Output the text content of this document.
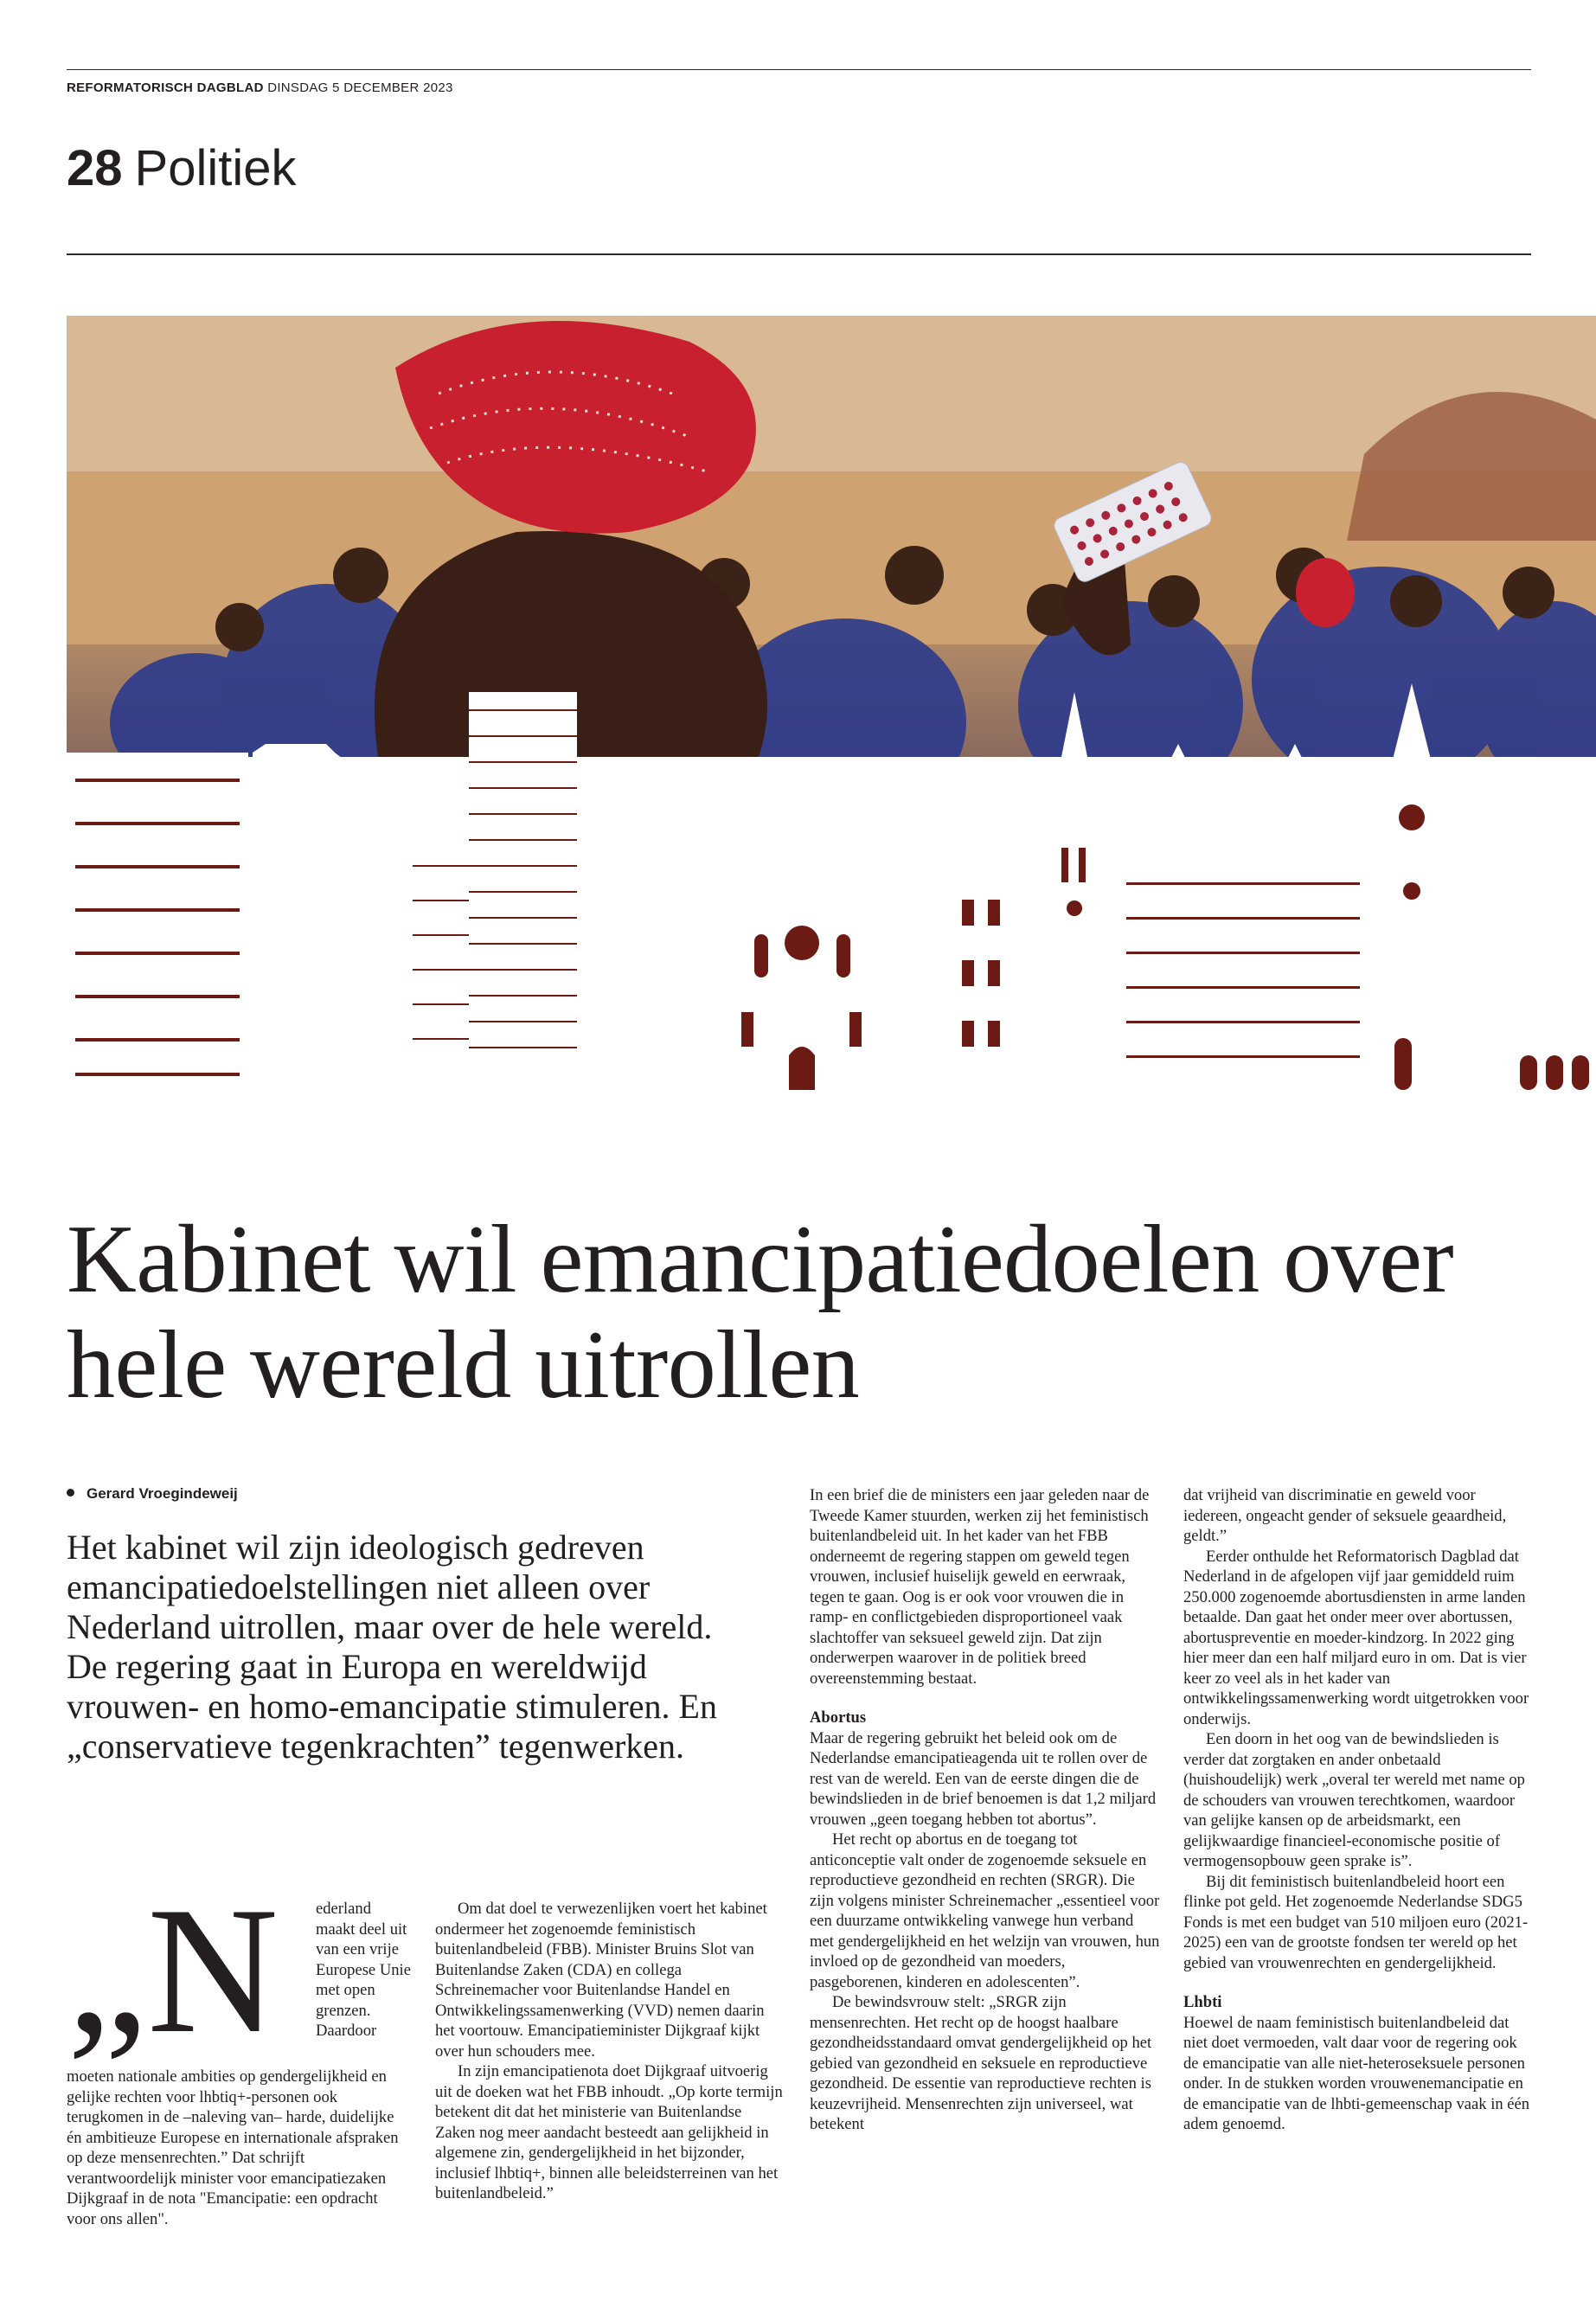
REFORMATORISCH DAGBLAD DINSDAG 5 DECEMBER 2023
28 Politiek
Kabinet wil emancipatiedoelen over hele wereld uitrollen
Gerard Vroegindeweij

Het kabinet wil zijn ideologisch gedreven emancipatiedoelstellingen niet alleen over Nederland uitrollen, maar over de hele wereld. De regering gaat in Europa en wereldwijd vrouwen- en homo-emancipatie stimuleren. En „conservatieve tegenkrachten” tegenwerken.

„N ederland maakt deel uit van een vrije Europese Unie met open grenzen. Daardoor

moeten nationale ambities op gendergelijkheid en gelijke rechten voor lhbtiq+-personen ook terugkomen in de –naleving van– harde, duidelijke én ambitieuze Europese en internationale afspraken op deze mensenrechten.” Dat schrijft verantwoordelijk minister voor emancipatiezaken Dijkgraaf in de nota "Emancipatie: een opdracht voor ons allen".

Om dat doel te verwezenlijken voert het kabinet ondermeer het zogenoemde feministisch buitenlandbeleid (FBB). Minister Bruins Slot van Buitenlandse Zaken (CDA) en collega Schreinemacher voor Buitenlandse Handel en Ontwikkelingssamenwerking (VVD) nemen daarin het voortouw. Emancipatieminister Dijkgraaf kijkt over hun schouders mee.

In zijn emancipatienota doet Dijkgraaf uitvoerig uit de doeken wat het FBB inhoudt. „Op korte termijn betekent dit dat het ministerie van Buitenlandse Zaken nog meer aandacht besteedt aan gelijkheid in algemene zin, gendergelijkheid in het bijzonder, inclusief lhbtiq+, binnen alle beleidsterreinen van het buitenlandbeleid.”

In een brief die de ministers een jaar geleden naar de Tweede Kamer stuurden, werken zij het feministisch buitenlandbeleid uit. In het kader van het FBB onderneemt de regering stappen om geweld tegen vrouwen, inclusief huiselijk geweld en eerwraak, tegen te gaan. Oog is er ook voor vrouwen die in ramp- en conflictgebieden disproportioneel vaak slachtoffer van seksueel geweld zijn. Dat zijn onderwerpen waarover in de politiek breed overeenstemming bestaat.

Abortus

Maar de regering gebruikt het beleid ook om de Nederlandse emancipatieagenda uit te rollen over de rest van de wereld. Een van de eerste dingen die de bewindslieden in de brief benoemen is dat 1,2 miljard vrouwen „geen toegang hebben tot abortus”.

Het recht op abortus en de toegang tot anticonceptie valt onder de zogenoemde seksuele en reproductieve gezondheid en rechten (SRGR). Die zijn volgens minister Schreinemacher „essentieel voor een duurzame ontwikkeling vanwege hun verband met gendergelijkheid en het welzijn van vrouwen, hun invloed op de gezondheid van moeders, pasgeborenen, kinderen en adolescenten”.

De bewindsvrouw stelt: „SRGR zijn mensenrechten. Het recht op de hoogst haalbare gezondheidsstandaard omvat gendergelijkheid op het gebied van gezondheid en seksuele en reproductieve gezondheid. De essentie van reproductieve rechten is keuzevrijheid. Mensenrechten zijn universeel, wat betekent

dat vrijheid van discriminatie en geweld voor iedereen, ongeacht gender of seksuele geaardheid, geldt.”

Eerder onthulde het Reformatorisch Dagblad dat Nederland in de afgelopen vijf jaar gemiddeld ruim 250.000 zogenoemde abortusdiensten in arme landen betaalde. Dan gaat het onder meer over abortussen, abortuspreventie en moeder-kindzorg. In 2022 ging hier meer dan een half miljard euro in om. Dat is vier keer zo veel als in het kader van ontwikkelingssamenwerking wordt uitgetrokken voor onderwijs.

Een doorn in het oog van de bewindslieden is verder dat zorgtaken en ander onbetaald (huishoudelijk) werk „overal ter wereld met name op de schouders van vrouwen terechtkomen, waardoor van gelijke kansen op de arbeidsmarkt, een gelijkwaardige financieel-economische positie of vermogensopbouw geen sprake is”.

Bij dit feministisch buitenlandbeleid hoort een flinke pot geld. Het zogenoemde Nederlandse SDG5 Fonds is met een budget van 510 miljoen euro (2021-2025) een van de grootste fondsen ter wereld op het gebied van vrouwenrechten en gendergelijkheid.

Lhbti

Hoewel de naam feministisch buitenlandbeleid dat niet doet vermoeden, valt daar voor de regering ook de emancipatie van alle niet-heteroseksuele personen onder. In de stukken worden vrouwenemancipatie en de emancipatie van de lhbti-gemeenschap vaak in één adem genoemd.
